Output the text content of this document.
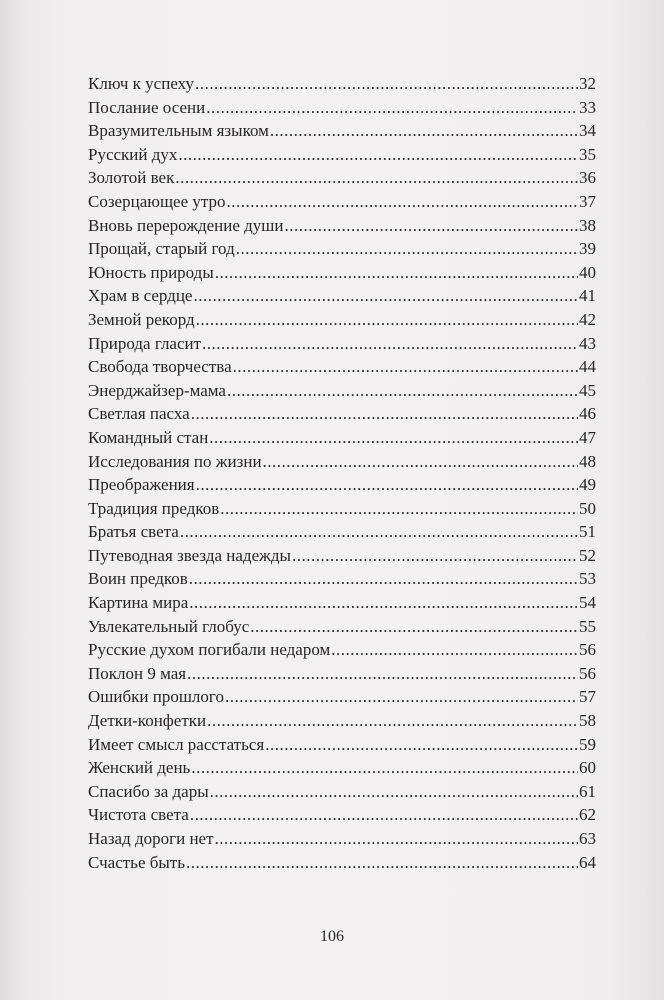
Ключ к успеху .....	32
Послание осени .....	33
Вразумительным языком .....	34
Русский дух .....	35
Золотой век .....	36
Созерцающее утро .....	37
Вновь перерождение души .....	38
Прощай, старый год .....	39
Юность природы .....	40
Храм в сердце .....	41
Земной рекорд .....	42
Природа гласит .....	43
Свобода творчества .....	44
Энерджайзер-мама .....	45
Светлая пасха .....	46
Командный стан .....	47
Исследования по жизни .....	48
Преображения .....	49
Традиция предков .....	50
Братья света .....	51
Путеводная звезда надежды .....	52
Воин предков .....	53
Картина мира .....	54
Увлекательный глобус .....	55
Русские духом погибали недаром .....	56
Поклон 9 мая .....	56
Ошибки прошлого .....	57
Детки-конфетки .....	58
Имеет смысл расстаться .....	59
Женский день .....	60
Спасибо за дары .....	61
Чистота света .....	62
Назад дороги нет .....	63
Счастье быть .....	64
106
